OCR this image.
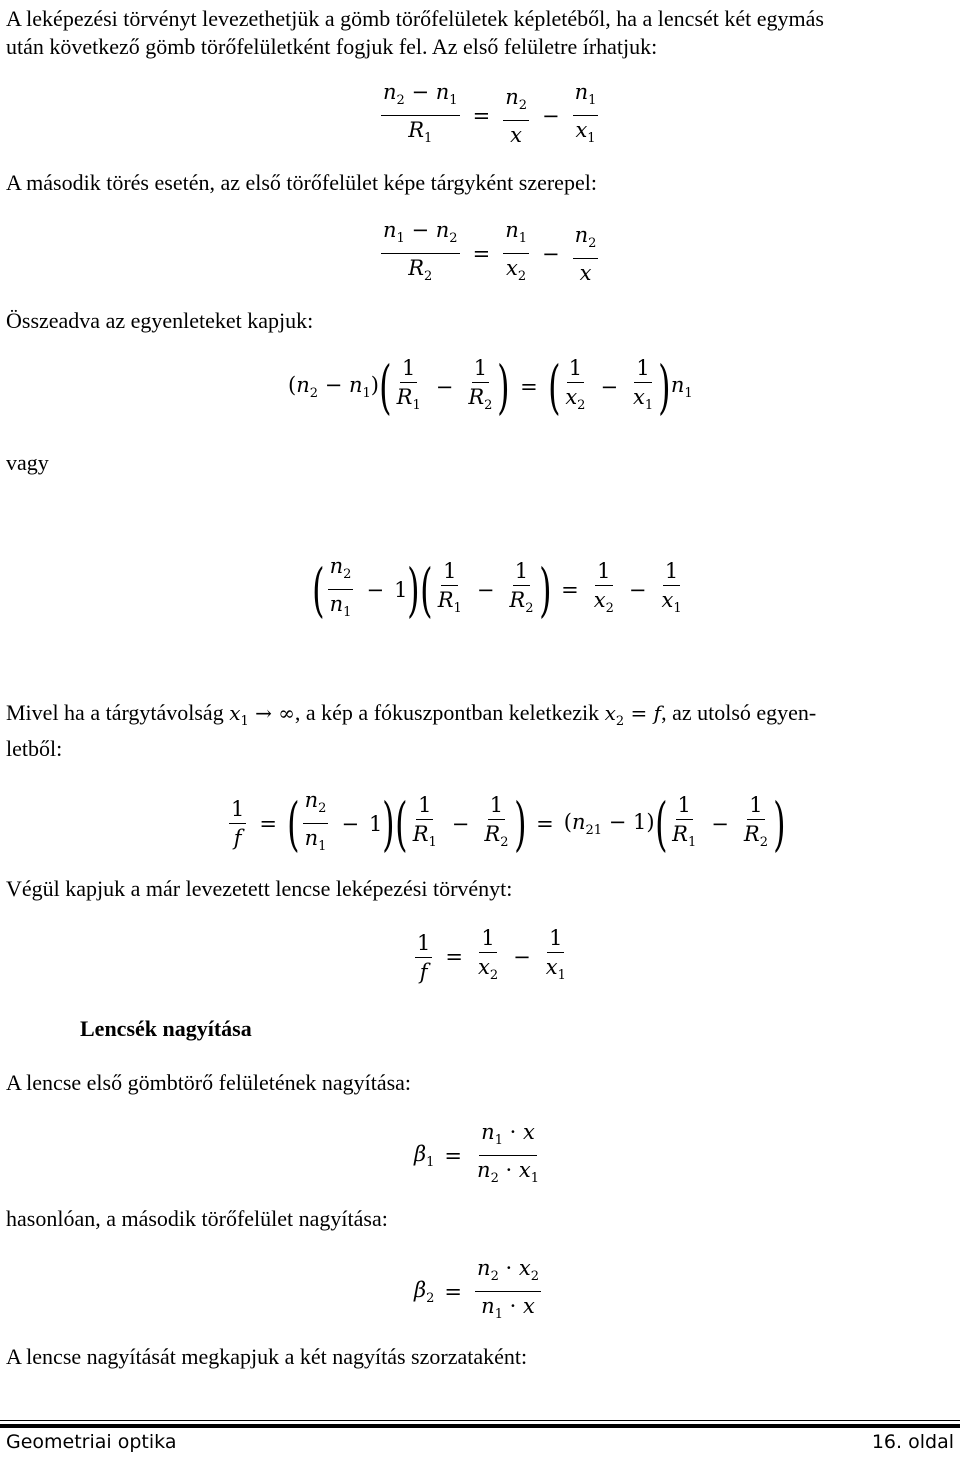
A leképezési törvényt levezethetjük a gömb törőfelületek képletéből, ha a lencsét két egymás
után következő gömb törőfelületként fogjuk fel. Az első felületre írhatjuk:
$\frac{n_2 - n_1}{R_1} = \frac{n_2}{x} - \frac{n_1}{x_1}$
A második törés esetén, az első törőfelület képe tárgyként szerepel:
$\frac{n_1 - n_2}{R_2} = \frac{n_1}{x_2} - \frac{n_2}{x}$
Összeadva az egyenleteket kapjuk:
$(n_2 - n_1)$ ( $\frac{1}{R_1} - \frac{1}{R_2}$ ) = ( $\frac{1}{x_2} - \frac{1}{x_1}$ ) $n_1$
vagy
( $\frac{n_2}{n_1} - 1$ ) ( $\frac{1}{R_1} - \frac{1}{R_2}$ ) = $\frac{1}{x_2} - \frac{1}{x_1}$
Mivel ha a tárgytávolság $x_1$ → ∞, a kép a fókuszpontban keletkezik $x_2 = f$, az utolsó egyen-
letből:
$\frac{1}{f}$ = ( $\frac{n_2}{n_1} - 1$ ) ( $\frac{1}{R_1} - \frac{1}{R_2}$ ) = $(n_{21} - 1)$ ( $\frac{1}{R_1} - \frac{1}{R_2}$ )
Végül kapjuk a már levezetett lencse leképezési törvényt:
$\frac{1}{f} = \frac{1}{x_2} - \frac{1}{x_1}$
Lencsék nagyítása
A lencse első gömbtörő felületének nagyítása:
$\beta_1 = \frac{n_1 \cdot x}{n_2 \cdot x_1}$
hasonlóan, a második törőfelület nagyítása:
$\beta_2 = \frac{n_2 \cdot x_2}{n_1 \cdot x}$
A lencse nagyítását megkapjuk a két nagyítás szorzataként:
Geometriai optika	16. oldal
